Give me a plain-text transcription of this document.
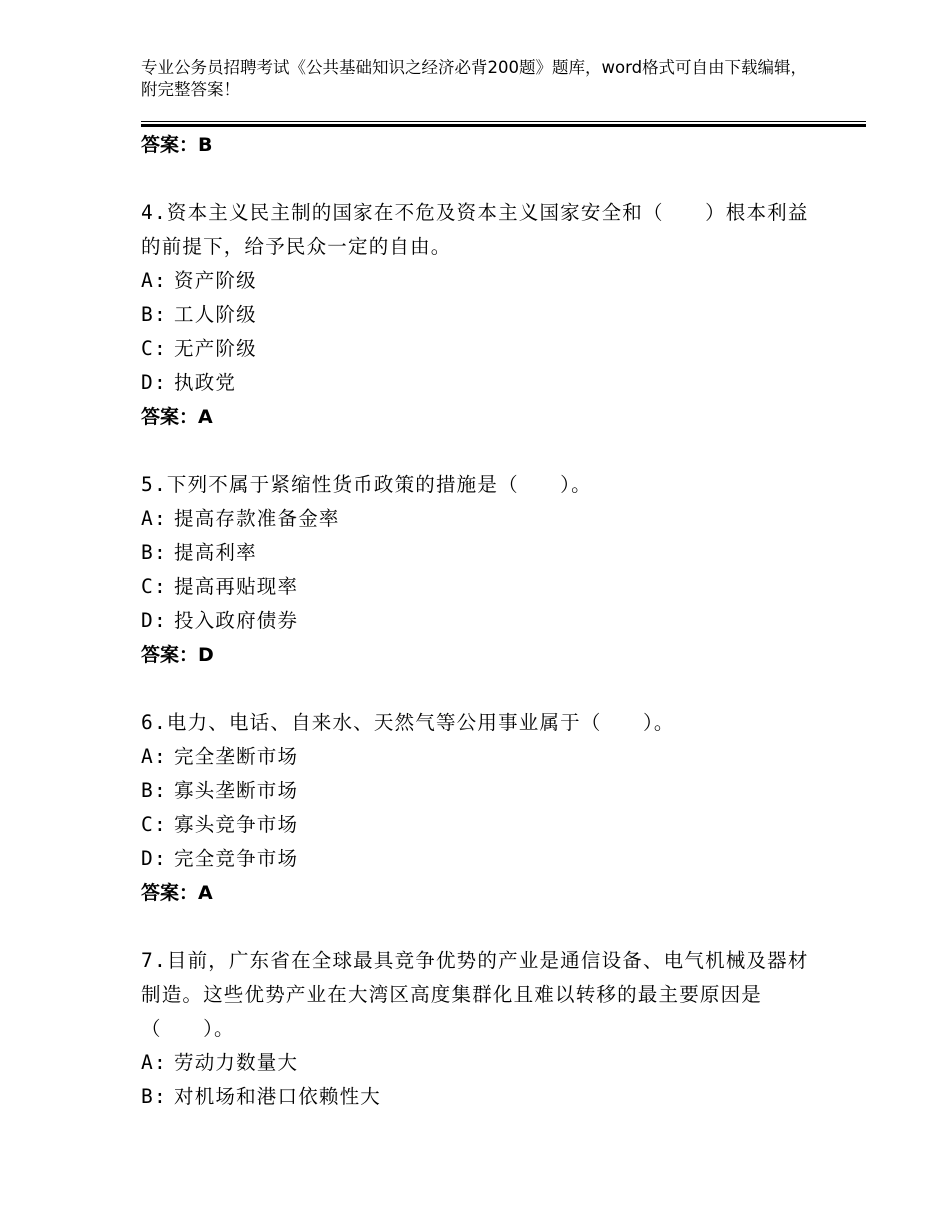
专业公务员招聘考试《公共基础知识之经济必背200题》题库，word格式可自由下载编辑，附完整答案！
答案：B
4.资本主义民主制的国家在不危及资本主义国家安全和（　　）根本利益的前提下，给予民众一定的自由。
A: 资产阶级
B: 工人阶级
C: 无产阶级
D: 执政党
答案：A
5.下列不属于紧缩性货币政策的措施是（　　）。
A: 提高存款准备金率
B: 提高利率
C: 提高再贴现率
D: 投入政府债券
答案：D
6.电力、电话、自来水、天然气等公用事业属于（　　）。
A: 完全垄断市场
B: 寡头垄断市场
C: 寡头竞争市场
D: 完全竞争市场
答案：A
7.目前，广东省在全球最具竞争优势的产业是通信设备、电气机械及器材制造。这些优势产业在大湾区高度集群化且难以转移的最主要原因是（　　）。
A: 劳动力数量大
B: 对机场和港口依赖性大
